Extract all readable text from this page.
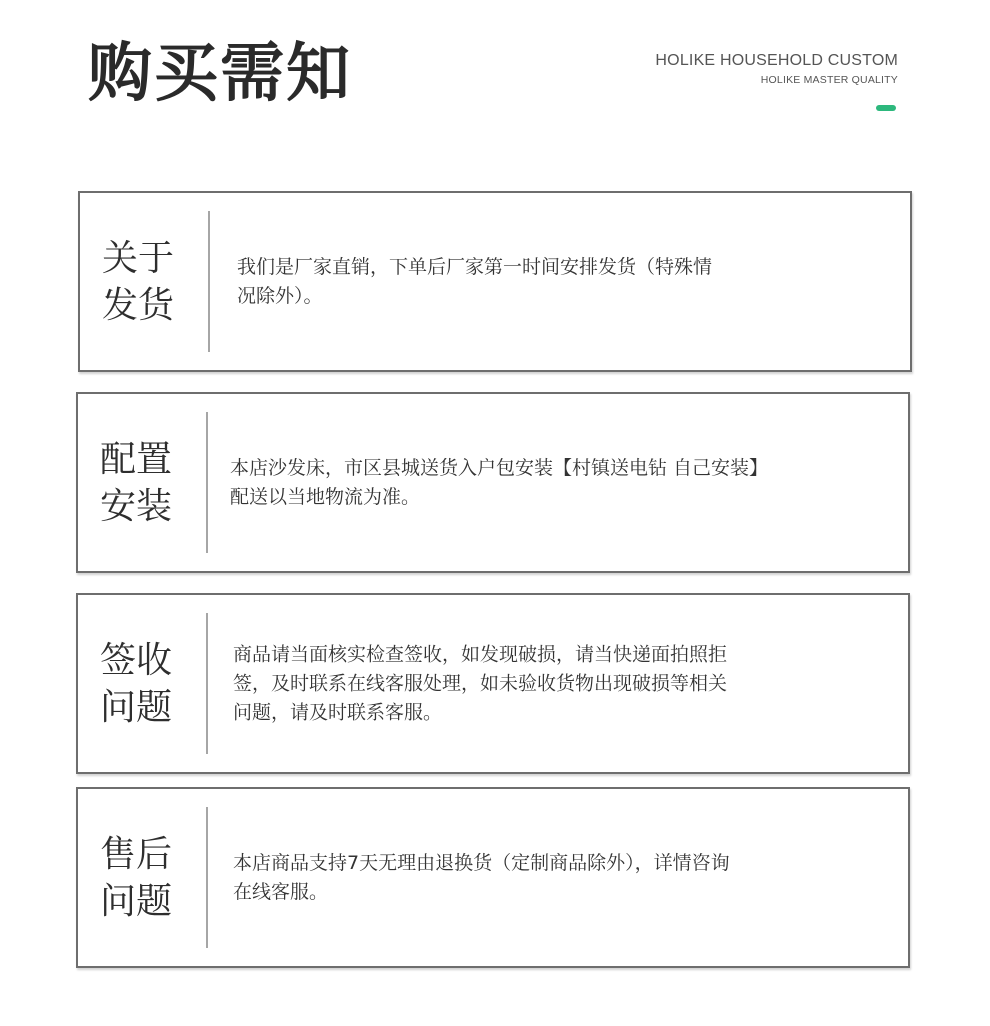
购买需知	HOLIKE HOUSEHOLD CUSTOM
HOLIKE MASTER QUALITY
关于
发货
我们是厂家直销，下单后厂家第一时间安排发货（特殊情
况除外）。
配置
安装
本店沙发床，市区县城送货入户包安装【村镇送电钻 自己安装】
配送以当地物流为准。
签收
问题
商品请当面核实检查签收，如发现破损，请当快递面拍照拒
签，及时联系在线客服处理，如未验收货物出现破损等相关
问题，请及时联系客服。
售后
问题
本店商品支持7天无理由退换货（定制商品除外），详情咨询
在线客服。
